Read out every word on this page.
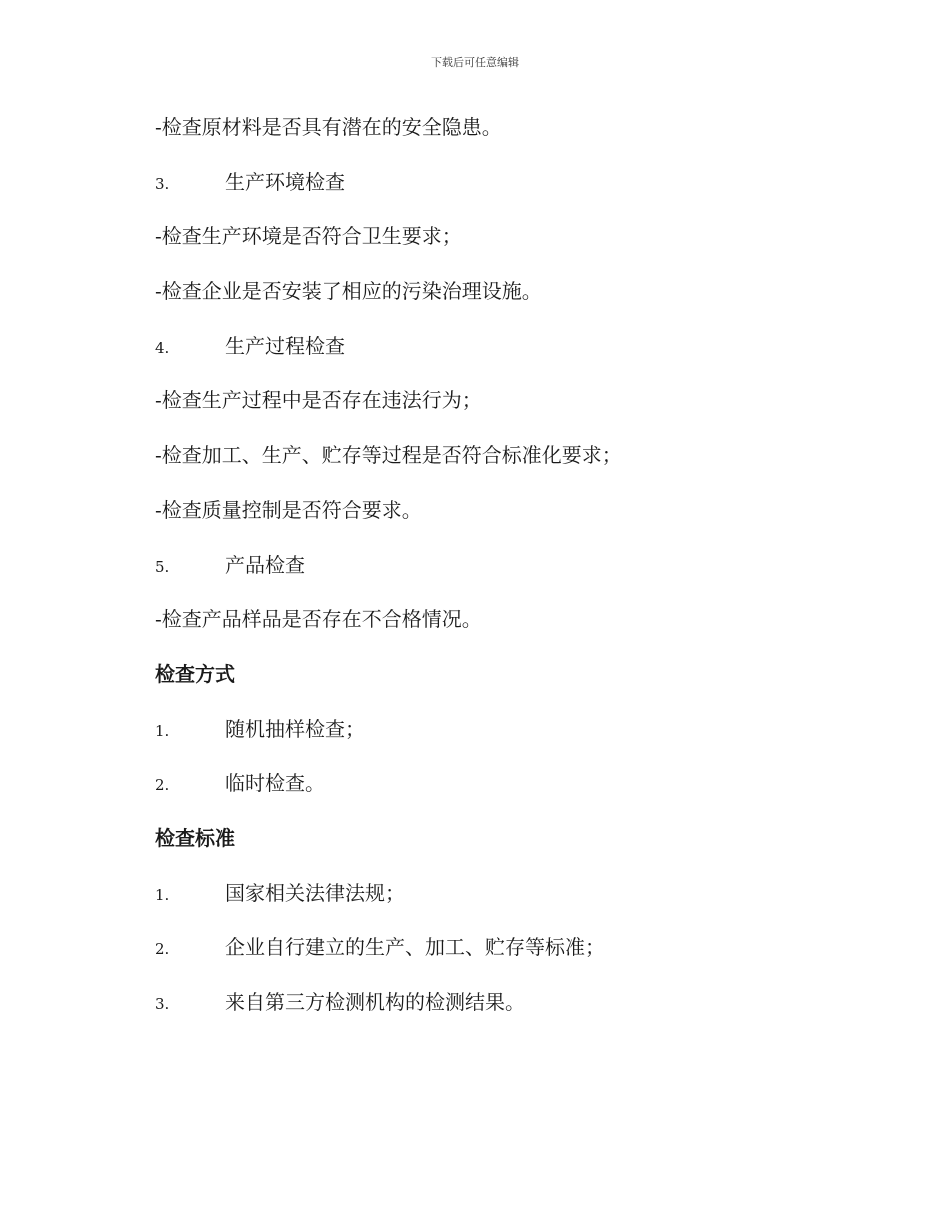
下载后可任意编辑
-检查原材料是否具有潜在的安全隐患。
3.	生产环境检查
-检查生产环境是否符合卫生要求；
-检查企业是否安装了相应的污染治理设施。
4.	生产过程检查
-检查生产过程中是否存在违法行为；
-检查加工、生产、贮存等过程是否符合标准化要求；
-检查质量控制是否符合要求。
5.	产品检查
-检查产品样品是否存在不合格情况。
检查方式
1.	随机抽样检查；
2.	临时检查。
检查标准
1.	国家相关法律法规；
2.	企业自行建立的生产、加工、贮存等标准；
3.	来自第三方检测机构的检测结果。
